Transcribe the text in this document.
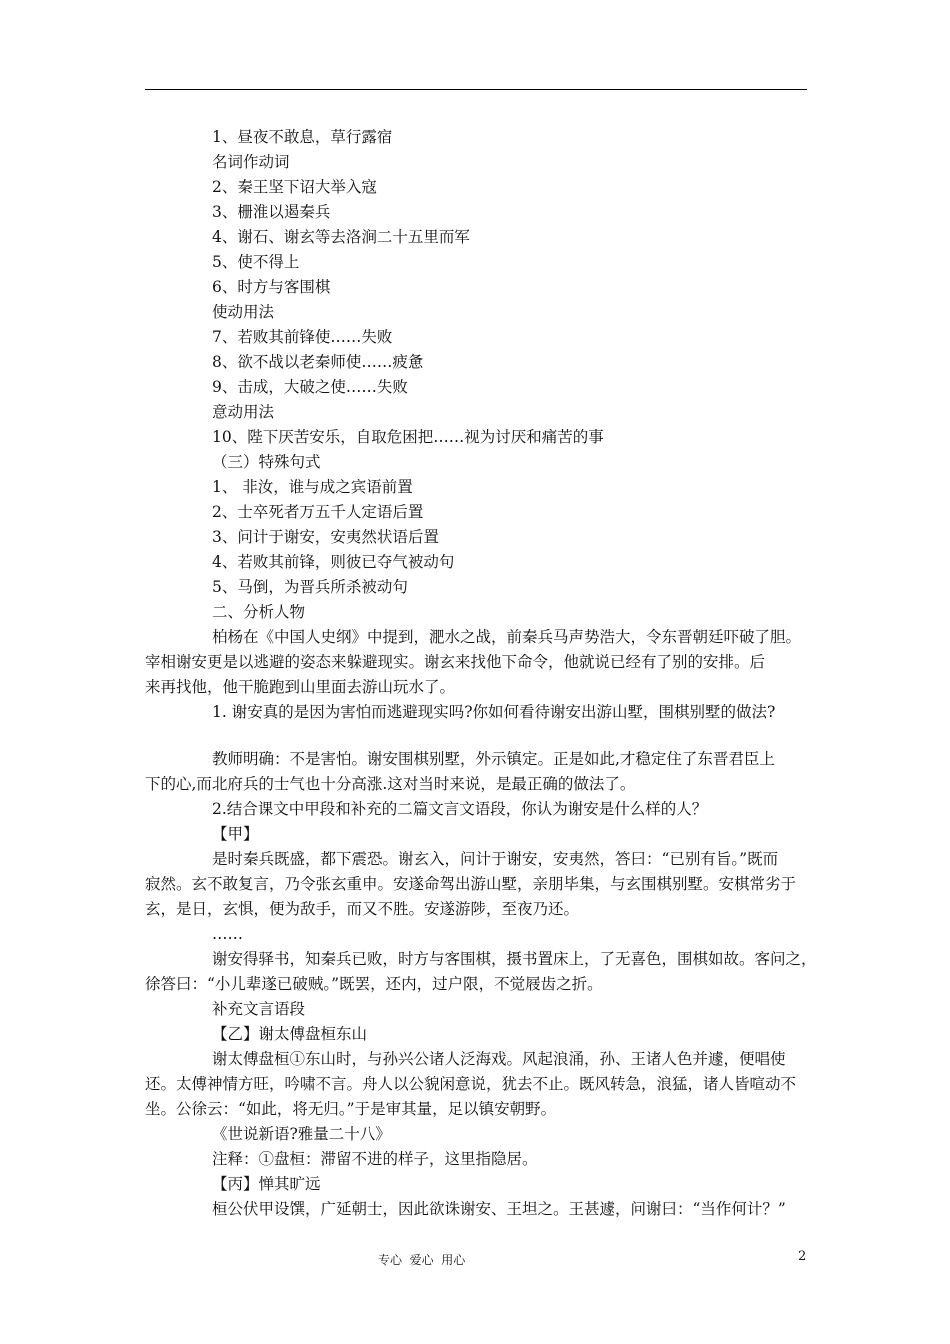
1、昼夜不敢息，草行露宿
名词作动词
2、秦王坚下诏大举入寇
3、栅淮以遏秦兵
4、谢石、谢玄等去洛涧二十五里而军
5、使不得上
6、时方与客围棋
使动用法
7、若败其前锋使……失败
8、欲不战以老秦师使……疲惫
9、击成，大破之使……失败
意动用法
10、陛下厌苦安乐，自取危困把……视为讨厌和痛苦的事
（三）特殊句式
1、 非汝，谁与成之宾语前置
2、士卒死者万五千人定语后置
3、问计于谢安，安夷然状语后置
4、若败其前锋，则彼已夺气被动句
5、马倒，为晋兵所杀被动句
二、分析人物
柏杨在《中国人史纲》中提到，淝水之战，前秦兵马声势浩大，令东晋朝廷吓破了胆。
宰相谢安更是以逃避的姿态来躲避现实。谢玄来找他下命令，他就说已经有了别的安排。后
来再找他，他干脆跑到山里面去游山玩水了。
1. 谢安真的是因为害怕而逃避现实吗?你如何看待谢安出游山墅，围棋别墅的做法?
教师明确：不是害怕。谢安围棋别墅，外示镇定。正是如此,才稳定住了东晋君臣上
下的心,而北府兵的士气也十分高涨.这对当时来说，是最正确的做法了。
2.结合课文中甲段和补充的二篇文言文语段，你认为谢安是什么样的人？
【甲】
是时秦兵既盛，都下震恐。谢玄入，问计于谢安，安夷然，答曰：“已别有旨。”既而
寂然。玄不敢复言，乃令张玄重申。安遂命驾出游山墅，亲朋毕集，与玄围棋别墅。安棋常劣于
玄，是日，玄惧，便为敌手，而又不胜。安遂游陟，至夜乃还。
……
谢安得驿书，知秦兵已败，时方与客围棋，摄书置床上，了无喜色，围棋如故。客问之，
徐答曰：“小儿辈遂已破贼。”既罢，还内，过户限，不觉屐齿之折。
补充文言语段
【乙】谢太傅盘桓东山
谢太傅盘桓①东山时，与孙兴公诸人泛海戏。风起浪涌，孙、王诸人色并遽，便唱使
还。太傅神情方旺，吟啸不言。舟人以公貌闲意说，犹去不止。既风转急，浪猛，诸人皆喧动不
坐。公徐云：“如此，将无归。”于是审其量，足以镇安朝野。
《世说新语?雅量二十八》
注释：①盘桓：滞留不进的样子，这里指隐居。
【丙】惮其旷远
桓公伏甲设馔，广延朝士，因此欲诛谢安、王坦之。王甚遽，问谢曰：“当作何计？”
专心  爱心  用心	2
